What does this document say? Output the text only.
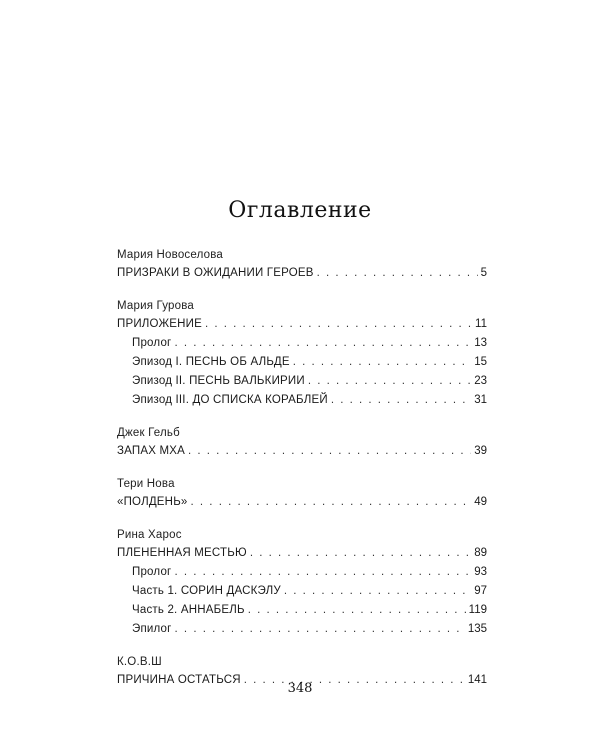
Оглавление
Мария Новоселова
ПРИЗРАКИ В ОЖИДАНИИ ГЕРОЕВ . . .	5
Мария Гурова
ПРИЛОЖЕНИЕ . . .	11
Пролог . . .	13
Эпизод I. ПЕСНЬ ОБ АЛЬДЕ . . .	15
Эпизод II. ПЕСНЬ ВАЛЬКИРИИ . . .	23
Эпизод III. ДО СПИСКА КОРАБЛЕЙ . . .	31
Джек Гельб
ЗАПАХ МХА . . .	39
Тери Нова
«ПОЛДЕНЬ» . . .	49
Рина Харос
ПЛЕНЕННАЯ МЕСТЬЮ . . .	89
Пролог . . .	93
Часть 1. СОРИН ДАСКЭЛУ . . .	97
Часть 2. АННАБЕЛЬ . . .	119
Эпилог . . .	135
К.О.В.Ш
ПРИЧИНА ОСТАТЬСЯ . . .	141
348
